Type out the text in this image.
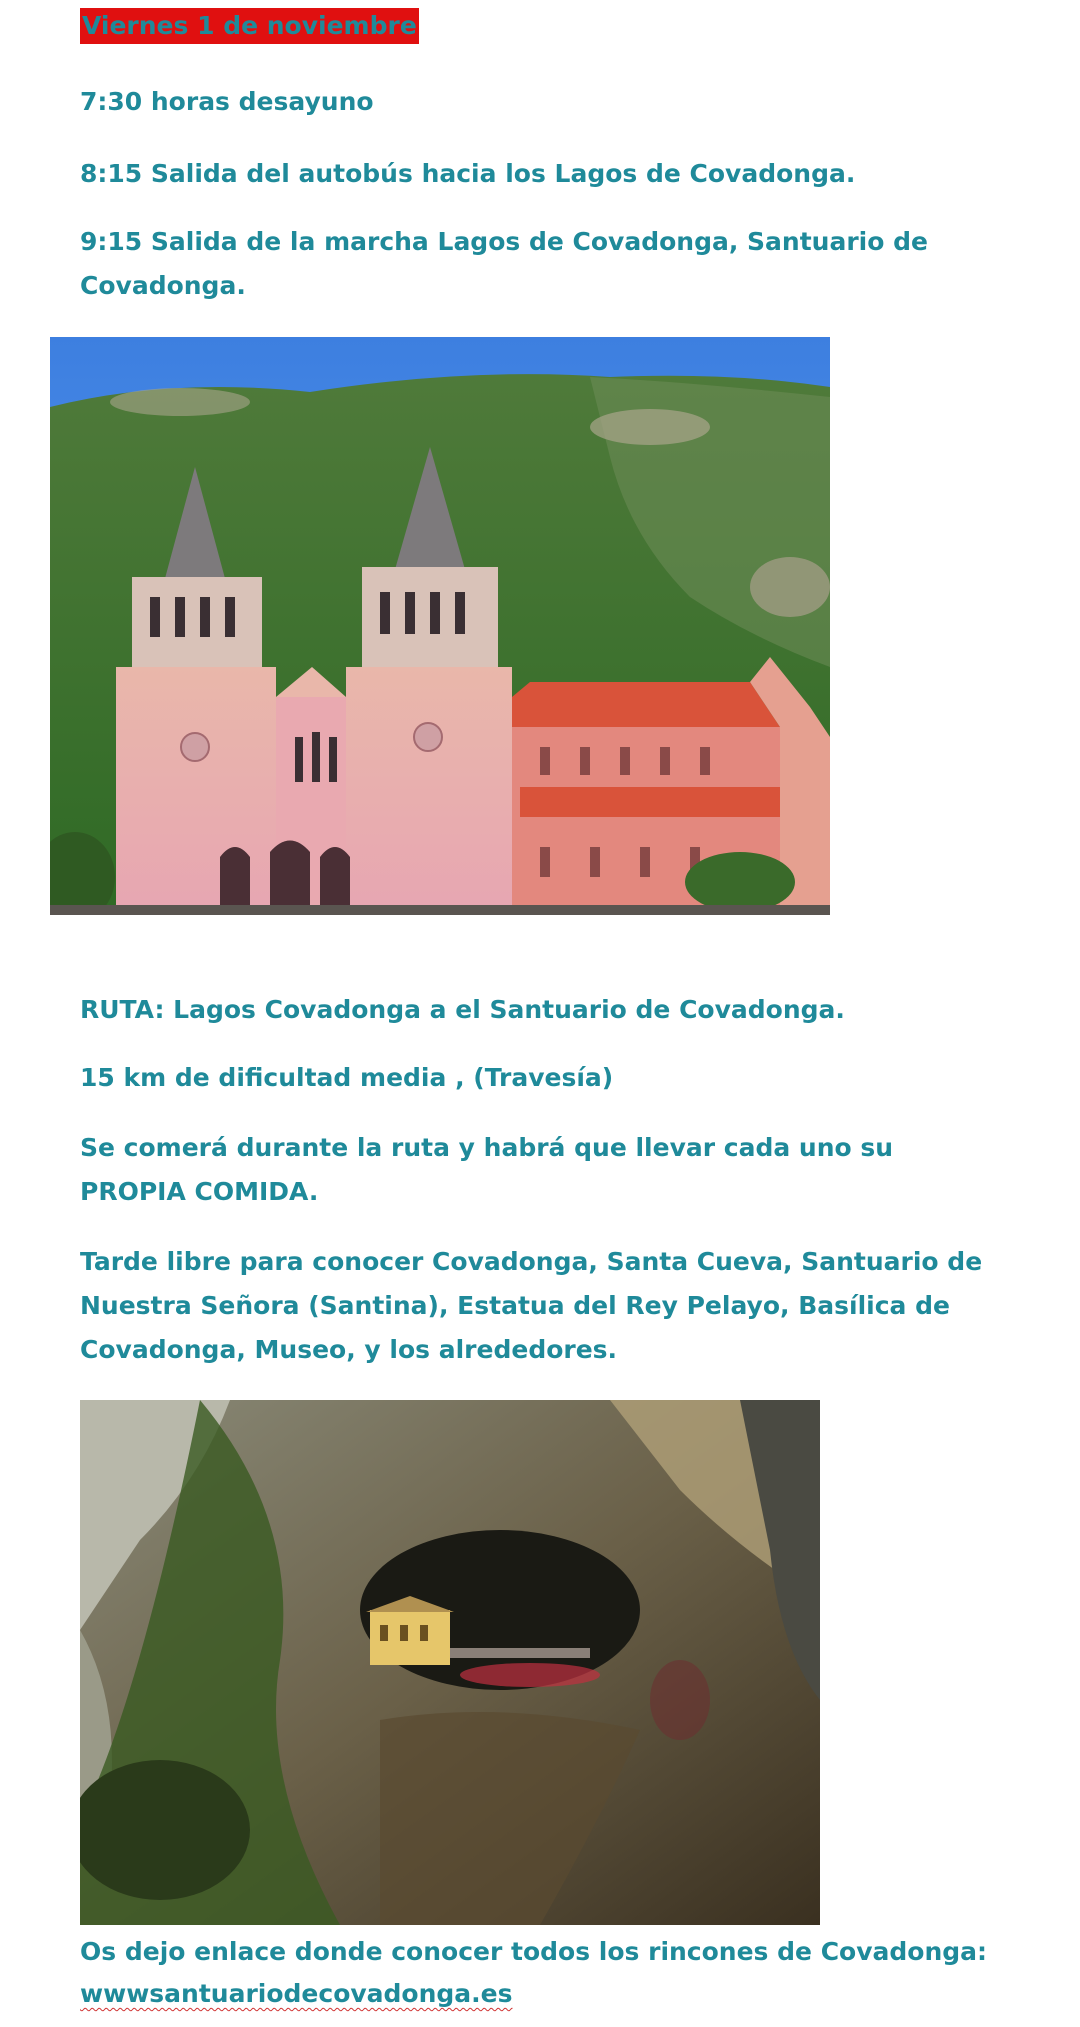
Viernes 1 de noviembre

7:30 horas desayuno

8:15 Salida del autobús hacia los Lagos de Covadonga.

9:15 Salida de la marcha Lagos de Covadonga, Santuario de Covadonga.

RUTA: Lagos Covadonga a el Santuario de Covadonga.

15 km de dificultad media , (Travesía)

Se comerá durante la ruta y habrá que llevar cada uno su PROPIA COMIDA.

Tarde libre para conocer Covadonga, Santa Cueva, Santuario de Nuestra Señora (Santina), Estatua del Rey Pelayo, Basílica de Covadonga, Museo, y los alrededores.

Os dejo enlace donde conocer todos los rincones de Covadonga:

wwwsantuariodecovadonga.es
